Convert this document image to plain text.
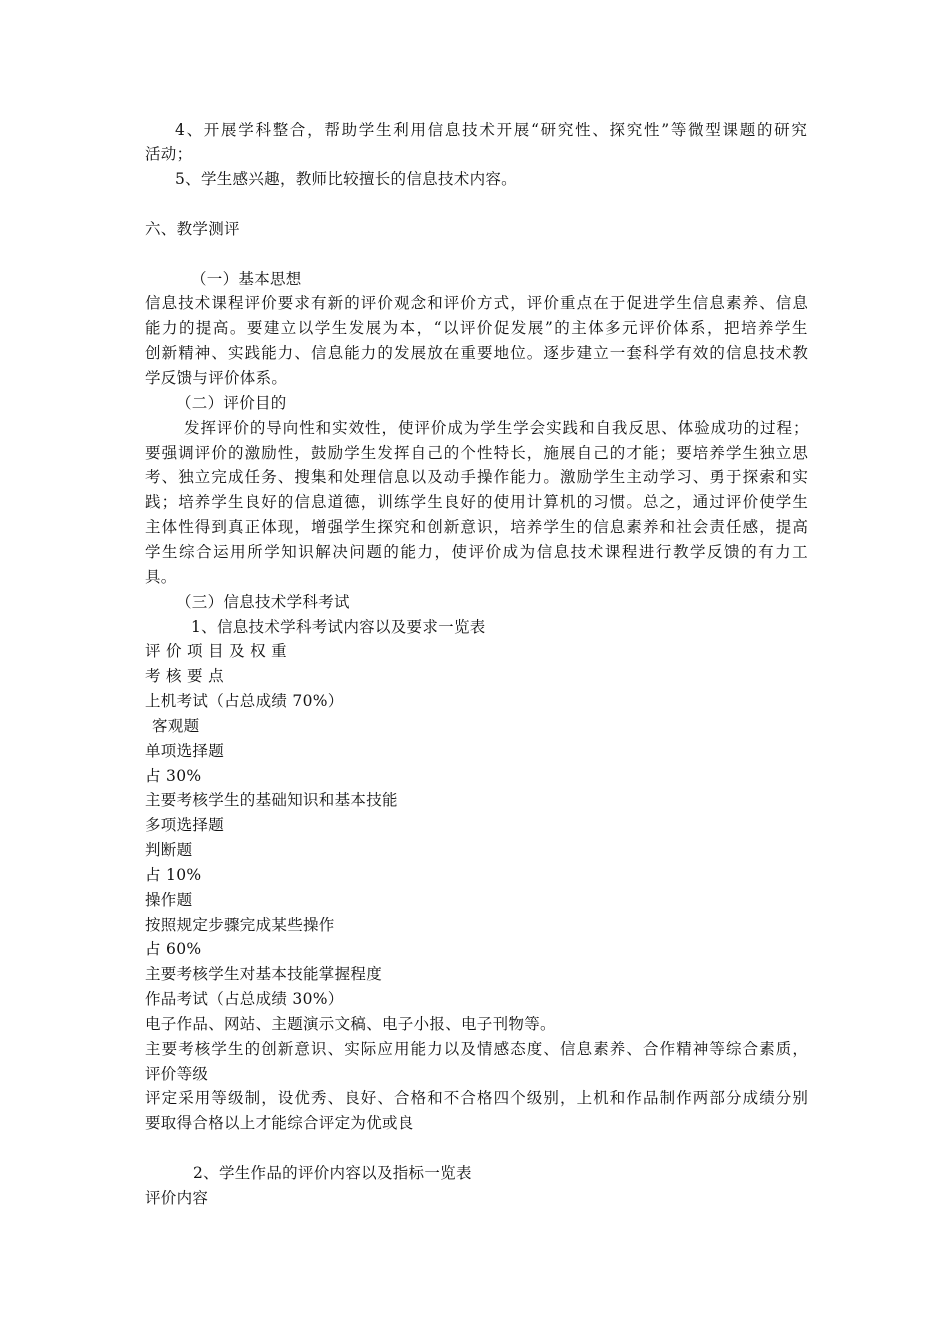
4、开展学科整合，帮助学生利用信息技术开展“研究性、探究性”等微型课题的研究
活动；
5、学生感兴趣，教师比较擅长的信息技术内容。
六、教学测评
（一）基本思想
信息技术课程评价要求有新的评价观念和评价方式，评价重点在于促进学生信息素养、信息
能力的提高。要建立以学生发展为本，“以评价促发展”的主体多元评价体系，把培养学生
创新精神、实践能力、信息能力的发展放在重要地位。逐步建立一套科学有效的信息技术教
学反馈与评价体系。
（二）评价目的
发挥评价的导向性和实效性，使评价成为学生学会实践和自我反思、体验成功的过程；
要强调评价的激励性，鼓励学生发挥自己的个性特长，施展自己的才能；要培养学生独立思
考、独立完成任务、搜集和处理信息以及动手操作能力。激励学生主动学习、勇于探索和实
践；培养学生良好的信息道德，训练学生良好的使用计算机的习惯。总之，通过评价使学生
主体性得到真正体现，增强学生探究和创新意识，培养学生的信息素养和社会责任感，提高
学生综合运用所学知识解决问题的能力，使评价成为信息技术课程进行教学反馈的有力工
具。
（三）信息技术学科考试
1、信息技术学科考试内容以及要求一览表
评 价 项 目 及 权 重
考 核 要 点
上机考试（占总成绩 70%）
客观题
单项选择题
占 30%
主要考核学生的基础知识和基本技能
多项选择题
判断题
占 10%
操作题
按照规定步骤完成某些操作
占 60%
主要考核学生对基本技能掌握程度
作品考试（占总成绩 30%）
电子作品、网站、主题演示文稿、电子小报、电子刊物等。
主要考核学生的创新意识、实际应用能力以及情感态度、信息素养、合作精神等综合素质，
评价等级
评定采用等级制，设优秀、良好、合格和不合格四个级别，上机和作品制作两部分成绩分别
要取得合格以上才能综合评定为优或良
2、学生作品的评价内容以及指标一览表
评价内容
